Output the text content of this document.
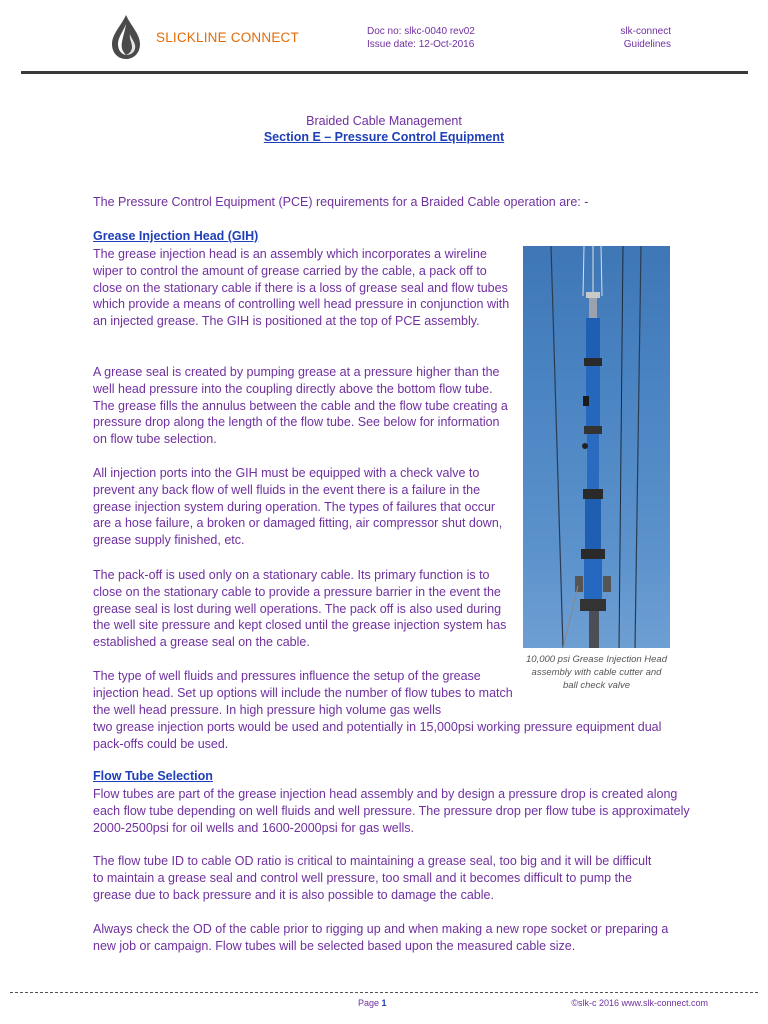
SLICKLINE CONNECT	Doc no: slkc-0040 rev02
Issue date: 12-Oct-2016
slk-connect
Guidelines
Braided Cable Management
Section E – Pressure Control Equipment
The Pressure Control Equipment (PCE) requirements for a Braided Cable operation are: -
Grease Injection Head (GIH)

The grease injection head is an assembly which incorporates a wireline wiper to control the amount of grease carried by the cable, a pack off to close on the stationary cable if there is a loss of grease seal and flow tubes which provide a means of controlling well head pressure in conjunction with an injected grease. The GIH is positioned at the top of PCE assembly.

A grease seal is created by pumping grease at a pressure higher than the well head pressure into the coupling directly above the bottom flow tube. The grease fills the annulus between the cable and the flow tube creating a pressure drop along the length of the flow tube. See below for information on flow tube selection.

All injection ports into the GIH must be equipped with a check valve to prevent any back flow of well fluids in the event there is a failure in the grease injection system during operation. The types of failures that occur are a hose failure, a broken or damaged fitting, air compressor shut down, grease supply finished, etc.

The pack-off is used only on a stationary cable. Its primary function is to close on the stationary cable to provide a pressure barrier in the event the grease seal is lost during well operations. The pack off is also used during the well site pressure and kept closed until the grease injection system has established a grease seal on the cable.

The type of well fluids and pressures influence the setup of the grease injection head. Set up options will include the number of flow tubes to match the well head pressure. In high pressure high volume gas wells

two grease injection ports would be used and potentially in 15,000psi working pressure equipment dual pack-offs could be used.

10,000 psi Grease Injection Head assembly with cable cutter and ball check valve
Flow Tube Selection

Flow tubes are part of the grease injection head assembly and by design a pressure drop is created along each flow tube depending on well fluids and well pressure. The pressure drop per flow tube is approximately 2000-2500psi for oil wells and 1600-2000psi for gas wells.

The flow tube ID to cable OD ratio is critical to maintaining a grease seal, too big and it will be difficult to maintain a grease seal and control well pressure, too small and it becomes difficult to pump the grease due to back pressure and it is also possible to damage the cable.

Always check the OD of the cable prior to rigging up and when making a new rope socket or preparing a new job or campaign. Flow tubes will be selected based upon the measured cable size.

Page 1	©slk-c 2016 www.slk-connect.com
